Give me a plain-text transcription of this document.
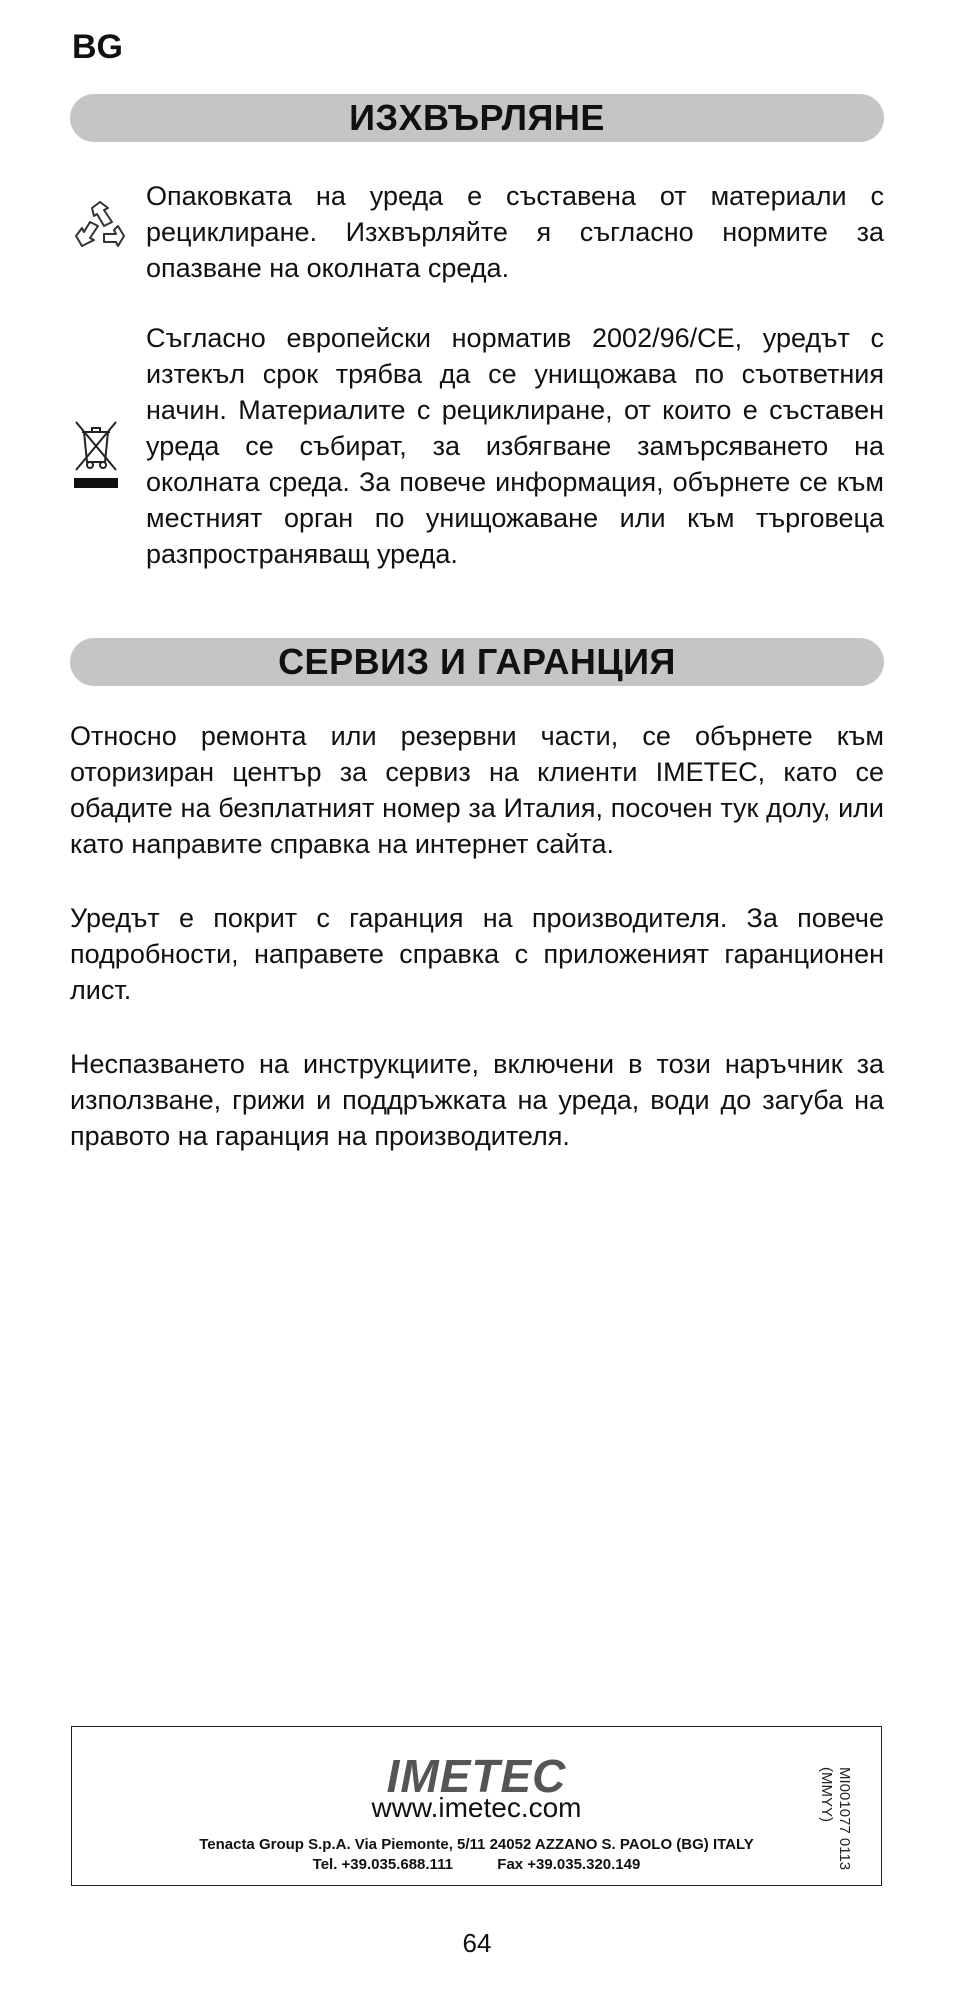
BG
ИЗХВЪРЛЯНЕ
Опаковката на уреда е съставена от материали с рециклиране. Изхвърляйте я съгласно нормите за опазване на околната среда.
Съгласно европейски норматив 2002/96/CE, уредът с изтекъл срок трябва да се унищожава по съответния начин. Материалите с рециклиране, от които е съставен уреда се събират, за избягване замърсяването на околната среда. За повече информация, обърнете се към местният орган по унищожаване или към търговеца разпространяващ уреда.
СЕРВИЗ И ГАРАНЦИЯ
Относно ремонта или резервни части, се обърнете към оторизиран център за сервиз на клиенти IMETEC, като се обадите на безплатният номер за Италия, посочен тук долу, или като направите справка на интернет сайта.
Уредът е покрит с гаранция на производителя. За повече подробности, направете справка с приложеният гаранционен лист.
Неспазването на инструкциите, включени в този наръчник за използване, грижи и поддръжката на уреда, води до загуба на правото на гаранция на производителя.
IMETEC
www.imetec.com
Tenacta Group S.p.A. Via Piemonte, 5/11 24052 AZZANO S. PAOLO (BG) ITALY
Tel. +39.035.688.111	Fax +39.035.320.149
MI001077 0113 (MMYY)
64
